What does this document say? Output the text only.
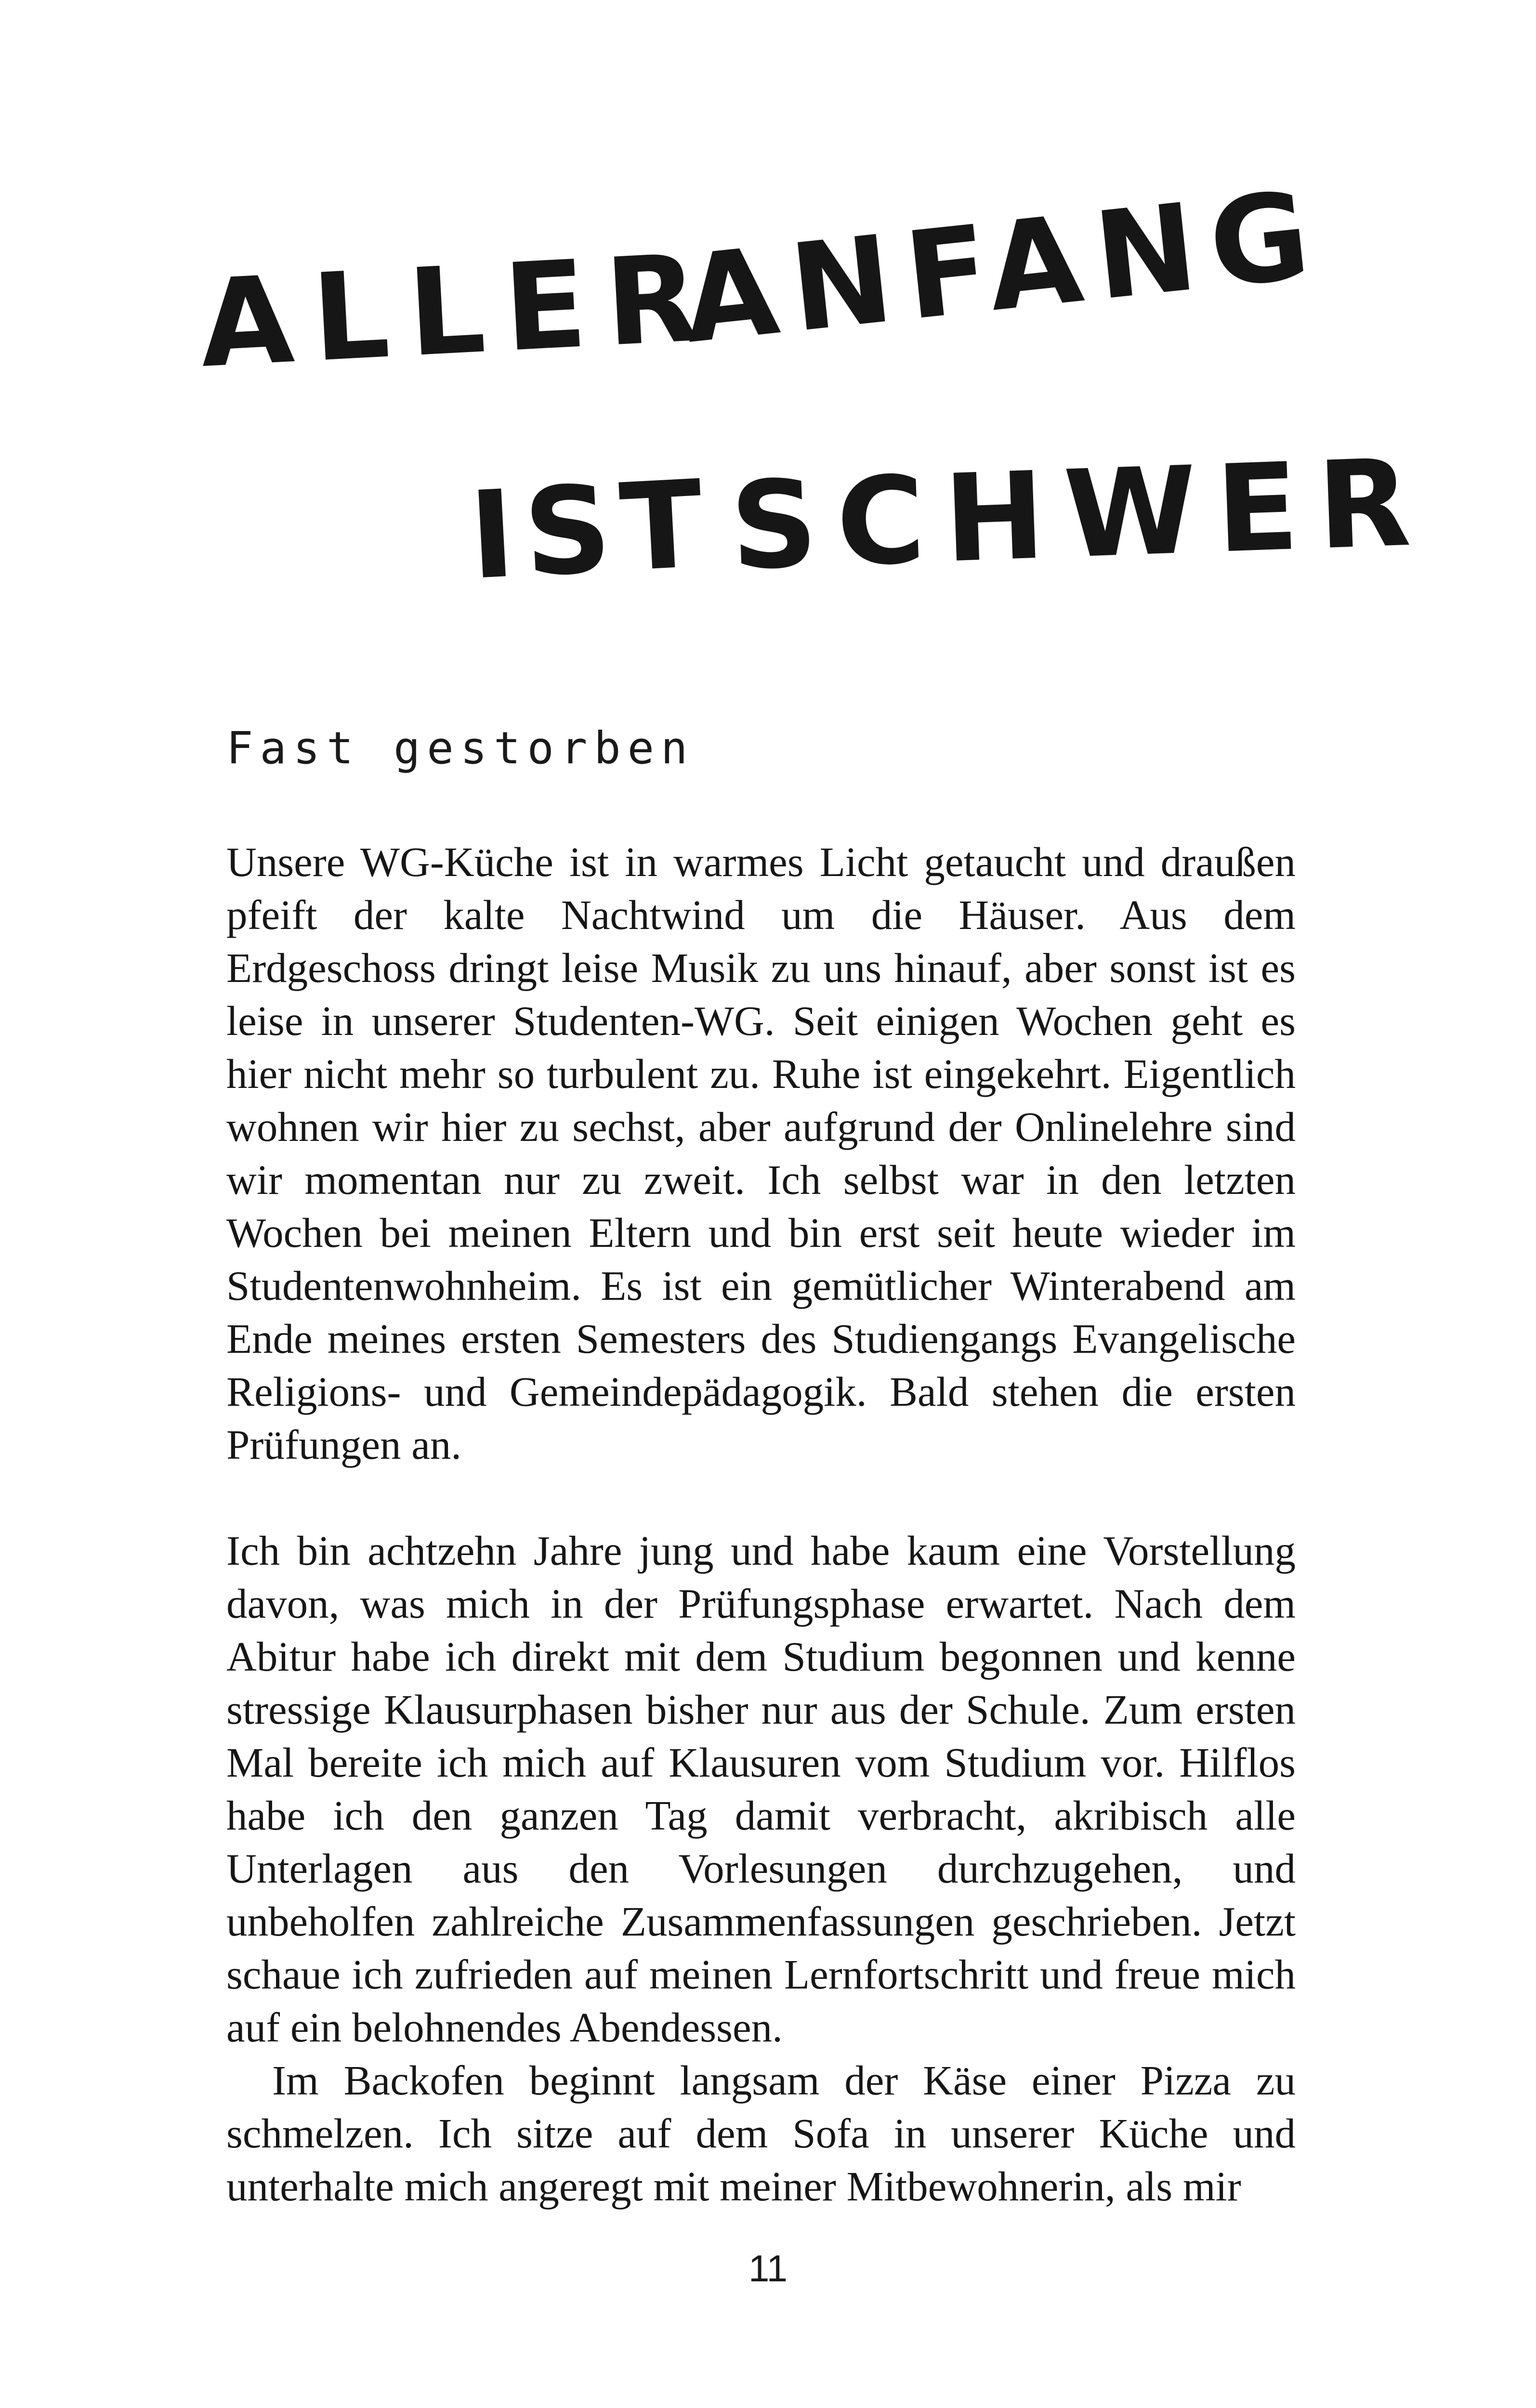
ALLER
ANFANG
IST SCHWER
Fast gestorben

Unsere WG-Küche ist in warmes Licht getaucht und draußen pfeift der kalte Nachtwind um die Häuser. Aus dem Erdgeschoss dringt leise Musik zu uns hinauf, aber sonst ist es leise in unserer Studenten-WG. Seit einigen Wochen geht es hier nicht mehr so turbulent zu. Ruhe ist eingekehrt. Eigentlich wohnen wir hier zu sechst, aber aufgrund der Onlinelehre sind wir momentan nur zu zweit. Ich selbst war in den letzten Wochen bei meinen Eltern und bin erst seit heute wieder im Studentenwohnheim. Es ist ein gemütlicher Winterabend am Ende meines ersten Semesters des Studiengangs Evangelische Religions- und Gemeindepädagogik. Bald stehen die ersten Prüfungen an.

Ich bin achtzehn Jahre jung und habe kaum eine Vorstellung davon, was mich in der Prüfungsphase erwartet. Nach dem Abitur habe ich direkt mit dem Studium begonnen und kenne stressige Klausurphasen bisher nur aus der Schule. Zum ersten Mal bereite ich mich auf Klausuren vom Studium vor. Hilflos habe ich den ganzen Tag damit verbracht, akribisch alle Unterlagen aus den Vorlesungen durchzugehen, und unbeholfen zahlreiche Zusammenfassungen geschrieben. Jetzt schaue ich zufrieden auf meinen Lernfortschritt und freue mich auf ein belohnendes Abendessen.

Im Backofen beginnt langsam der Käse einer Pizza zu schmelzen. Ich sitze auf dem Sofa in unserer Küche und unterhalte mich angeregt mit meiner Mitbewohnerin, als mir

11
